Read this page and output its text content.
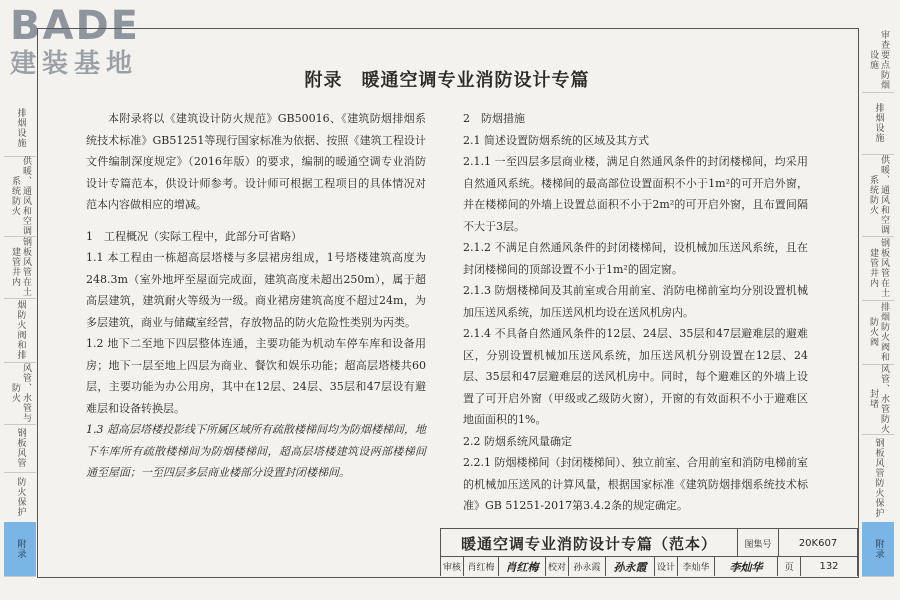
BADE
建装基地
附录　暖通空调专业消防设计专篇

本附录将以《建筑设计防火规范》GB50016、《建筑防烟排烟系统技术标准》GB51251等现行国家标准为依据、按照《建筑工程设计文件编制深度规定》（2016年版）的要求，编制的暖通空调专业消防设计专篇范本，供设计师参考。设计师可根据工程项目的具体情况对范本内容做相应的增减。

1　工程概况（实际工程中，此部分可省略）

1.1 本工程由一栋超高层塔楼与多层裙房组成，1号塔楼建筑高度为 248.3m（室外地坪至屋面完成面，建筑高度未超出250m），属于超高层建筑，建筑耐火等级为一级。商业裙房建筑高度不超过24m，为多层建筑，商业与储藏室经营，存放物品的防火危险性类别为丙类。

1.2 地下二至地下四层整体连通，主要功能为机动车停车库和设备用房；地下一层至地上四层为商业、餐饮和娱乐功能；超高层塔楼共60层，主要功能为办公用房，其中在12层、24层、35层和47层设有避难层和设备转换层。

1.3 超高层塔楼投影线下所属区域所有疏散楼梯间均为防烟楼梯间，地下车库所有疏散楼梯间为防烟楼梯间，超高层塔楼建筑设两部楼梯间通至屋面；一至四层多层商业楼部分设置封闭楼梯间。

2　防烟措施

2.1 简述设置防烟系统的区域及其方式

2.1.1 一至四层多层商业楼，满足自然通风条件的封闭楼梯间，均采用自然通风系统。楼梯间的最高部位设置面积不小于1m²的可开启外窗，并在楼梯间的外墙上设置总面积不小于2m²的可开启外窗，且布置间隔不大于3层。

2.1.2 不满足自然通风条件的封闭楼梯间，设机械加压送风系统，且在封闭楼梯间的顶部设置不小于1m²的固定窗。

2.1.3 防烟楼梯间及其前室或合用前室、消防电梯前室均分别设置机械加压送风系统，加压送风机均设在送风机房内。

2.1.4 不具备自然通风条件的12层、24层、35层和47层避难层的避难区，分别设置机械加压送风系统，加压送风机分别设置在12层、24层、35层和47层避难层的送风机房中。同时，每个避难区的外墙上设置了可开启外窗（甲级或乙级防火窗），开窗的有效面积不小于避难区地面面积的1%。

2.2 防烟系统风量确定

2.2.1 防烟楼梯间（封闭楼梯间）、独立前室、合用前室和消防电梯前室的机械加压送风的计算风量，根据国家标准《建筑防烟排烟系统技术标准》GB 51251-2017第3.4.2条的规定确定。

排烟设施
供暖、通风和空调系统防火
钢板风管在土建管井内
烟防火阀和排
风管、水管与防火
钢板风管
防火保护
附录
审查要点防烟设施
排烟设施
供暖、通风和空调系统防火
钢板风管在土建管井内
排烟防火阀和防火阀
风管、水管防火封堵
钢板风管防火保护
附录
暖通空调专业消防设计专篇（范本）	图集号	20K607
审核 肖红梅	肖红梅	校对 孙永霞	孙永霞	设计 李灿华	李灿华	页	132
